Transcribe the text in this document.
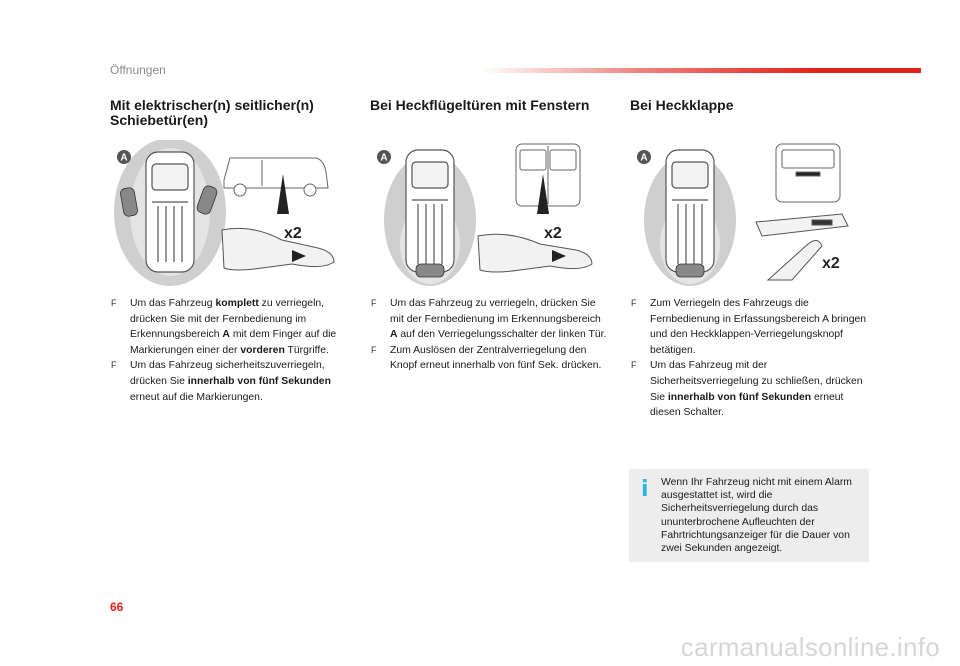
Öffnungen
Mit elektrischer(n) seitlicher(n) Schiebetür(en)
Bei Heckflügeltüren mit Fenstern	Bei Heckklappe
A
x2
A
x2
A
x2
F Um das Fahrzeug komplett zu verriegeln, drücken Sie mit der Fernbedienung im Erkennungsbereich A mit dem Finger auf die Markierungen einer der vorderen Türgriffe.
F Um das Fahrzeug sicherheitszuverriegeln, drücken Sie innerhalb von fünf Sekunden erneut auf die Markierungen.
F Um das Fahrzeug zu verriegeln, drücken Sie mit der Fernbedienung im Erkennungsbereich A auf den Verriegelungsschalter der linken Tür.
F Zum Auslösen der Zentralverriegelung den Knopf erneut innerhalb von fünf Sek. drücken.
F Zum Verriegeln des Fahrzeugs die Fernbedienung in Erfassungsbereich A bringen und den Heckklappen-Verriegelungsknopf betätigen.
F Um das Fahrzeug mit der Sicherheitsverriegelung zu schließen, drücken Sie innerhalb von fünf Sekunden erneut diesen Schalter.
i Wenn Ihr Fahrzeug nicht mit einem Alarm ausgestattet ist, wird die Sicherheitsverriegelung durch das ununterbrochene Aufleuchten der Fahrtrichtungsanzeiger für die Dauer von zwei Sekunden angezeigt.
66
carmanualsonline.info
